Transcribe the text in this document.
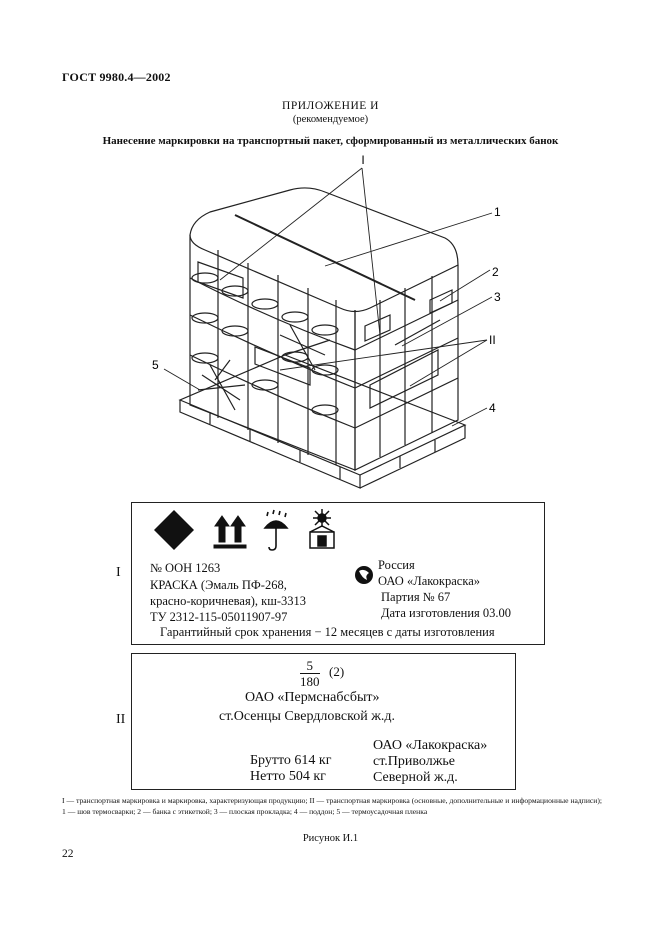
ГОСТ 9980.4—2002
ПРИЛОЖЕНИЕ И
(рекомендуемое)
Нанесение маркировки на транспортный пакет, сформированный из металлических банок
I
1
2
3
II
4
5
I № ООН 1263
КРАСКА (Эмаль ПФ-268,
красно-коричневая), кш-3313
ТУ 2312-115-05011907-97
Россия
ОАО «Лакокраска»
Партия № 67
Дата изготовления 03.00
Гарантийный срок хранения − 12 месяцев с даты изготовления
II
$\frac{5}{180} (2)$
ОАО «Пермснабсбыт»
ст.Осенцы Свердловской ж.д.
Брутто 614 кг
Нетто 504 кг
ОАО «Лакокраска»
ст.Приволжье
Северной ж.д.
I — транспортная маркировка и маркировка, характеризующая продукцию; II — транспортная маркировка (основные, дополнительные и информационные надписи); 1 — шов термосварки; 2 — банка с этикеткой; 3 — плоская прокладка; 4 — поддон; 5 — термоусадочная пленка
Рисунок И.1
22
